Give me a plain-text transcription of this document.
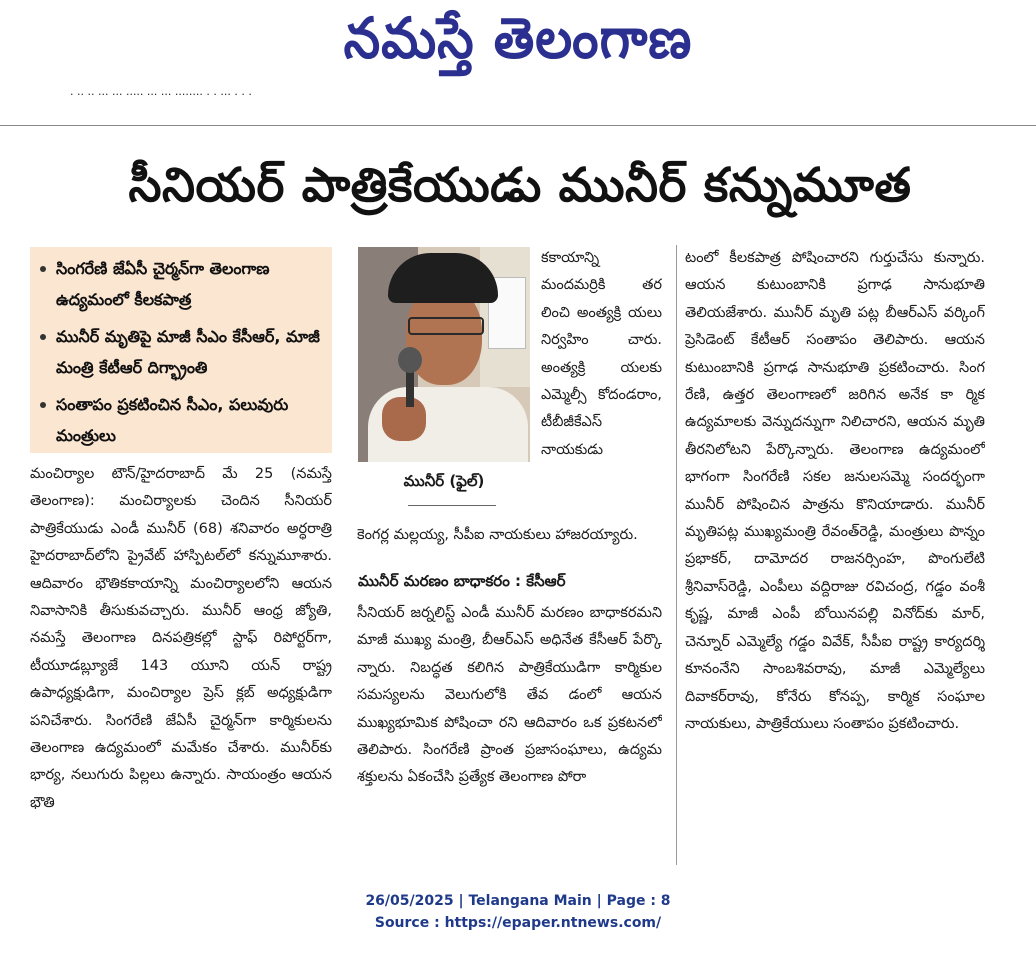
నమస్తే తెలంగాణ
· ·· ·· ··· ··· ····· ··· ··· ········ · · ··· · · ·
సీనియర్ పాత్రికేయుడు మునీర్ కన్నుమూత
సింగరేణి జేఏసీ చైర్మన్‌గా తెలంగాణ ఉద్యమంలో కీలకపాత్ర
మునీర్ మృతిపై మాజీ సీఎం కేసీఆర్, మాజీ మంత్రి కేటీఆర్ దిగ్భ్రాంతి
సంతాపం ప్రకటించిన సీఎం, పలువురు మంత్రులు

మంచిర్యాల టౌన్/హైదరాబాద్ మే 25 (నమస్తే తెలంగాణ): మంచిర్యాలకు చెందిన సీనియర్ పాత్రికేయుడు ఎండీ మునీర్ (68) శనివారం అర్ధరాత్రి హైదరాబాద్‌లోని ప్రైవేట్ హాస్పిటల్‌లో కన్నుమూశారు. ఆదివారం భౌతికకాయాన్ని మంచిర్యాలలోని ఆయన నివాసానికి తీసుకువచ్చారు. మునీర్ ఆంధ్ర జ్యోతి, నమస్తే తెలంగాణ దినపత్రికల్లో స్టాఫ్ రిపోర్టర్‌గా, టీయూడబ్ల్యూజే 143 యూని యన్ రాష్ట్ర ఉపాధ్యక్షుడిగా, మంచిర్యాల ప్రెస్ క్లబ్ అ‌ధ్యక్షుడిగా పనిచేశారు. సింగరేణి జేఏసీ చైర్మన్‌గా కార్మికులను తెలంగాణ ఉద్యమంలో మమేకం చేశారు. మునీర్‌కు భార్య, నలుగురు పిల్లలు ఉన్నారు. సాయంత్రం ఆయన భౌతి

మునీర్ (ఫైల్)

కకాయాన్ని మందమర్రికి తర లించి అంత్యక్రి యలు నిర్వహిం చారు. అంత్యక్రి యలకు ఎమ్మెల్సీ కోదండరాం, టీబీజీకేఎస్ నాయకుడు

కెంగర్ల మల్లయ్య, సీపీఐ నాయకులు హాజరయ్యారు.

మునీర్ మరణం బాధాకరం : కేసీఆర్

సీనియర్ జర్నలిస్ట్ ఎండీ మునీర్ మరణం బాధాకరమని మాజీ ముఖ్య మంత్రి, బీఆర్‌ఎస్ అధినేత కేసీఆర్ పేర్కొ న్నారు. నిబద్ధత కలిగిన పాత్రికేయుడిగా కార్మికుల సమస్యలను వెలుగులోకి తేవ డంలో ఆయన ముఖ్యభూమిక పోషించా రని ఆదివారం ఒక ప్రకటనలో తెలిపారు. సింగరేణి ప్రాంత ప్రజాసంఘాలు, ఉద్యమ శక్తులను ఏకంచేసి ప్రత్యేక తెలంగాణ పోరా

టంలో కీలకపాత్ర పోషించారని గుర్తుచేసు కున్నారు. ఆయన కుటుంబానికి ప్రగాఢ సానుభూతి తెలియజేశారు. మునీర్ మృతి పట్ల బీఆర్‌ఎస్ వర్కింగ్ ప్రెసిడెంట్ కేటీఆర్ సంతాపం తెలిపారు. ఆయన కుటుంబానికి ప్రగాఢ సానుభూతి ప్రకటించారు. సింగ రేణి, ఉత్తర తెలంగాణలో జరిగిన అనేక కా ర్మిక ఉద్యమాలకు వెన్నుదన్నుగా నిలిచారని, ఆయన మృతి తీరనిలోటని పేర్కొన్నారు. తెలంగాణ ఉద్యమంలో భాగంగా సింగరేణి సకల జనులసమ్మె సందర్భంగా మునీర్ పోషించిన పాత్రను కొనియాడారు. మునీర్ మృతిపట్ల ముఖ్యమంత్రి రేవంత్‌రెడ్డి, మంత్రులు పొన్నం ప్రభాకర్, దామోదర రాజనర్సింహ, పొంగులేటి శ్రీనివాస్‌రెడ్డి, ఎంపీలు వద్దిరాజు రవిచంద్ర, గడ్డం వంశీ కృష్ణ, మాజీ ఎంపీ బోయినపల్లి వినోద్‌కు మార్, చెన్నూర్ ఎమ్మెల్యే గడ్డం వివేక్, సీపీఐ రాష్ట్ర కార్యదర్శి కూనంనేని సాంబశివరావు, మాజీ ఎమ్మెల్యేలు దివాకర్‌రావు, కోనేరు కోనప్ప, కార్మిక సంఘాల నాయకులు, పాత్రికేయులు సంతాపం ప్రకటించారు.

26/05/2025 | Telangana Main | Page : 8
Source : https://epaper.ntnews.com/
